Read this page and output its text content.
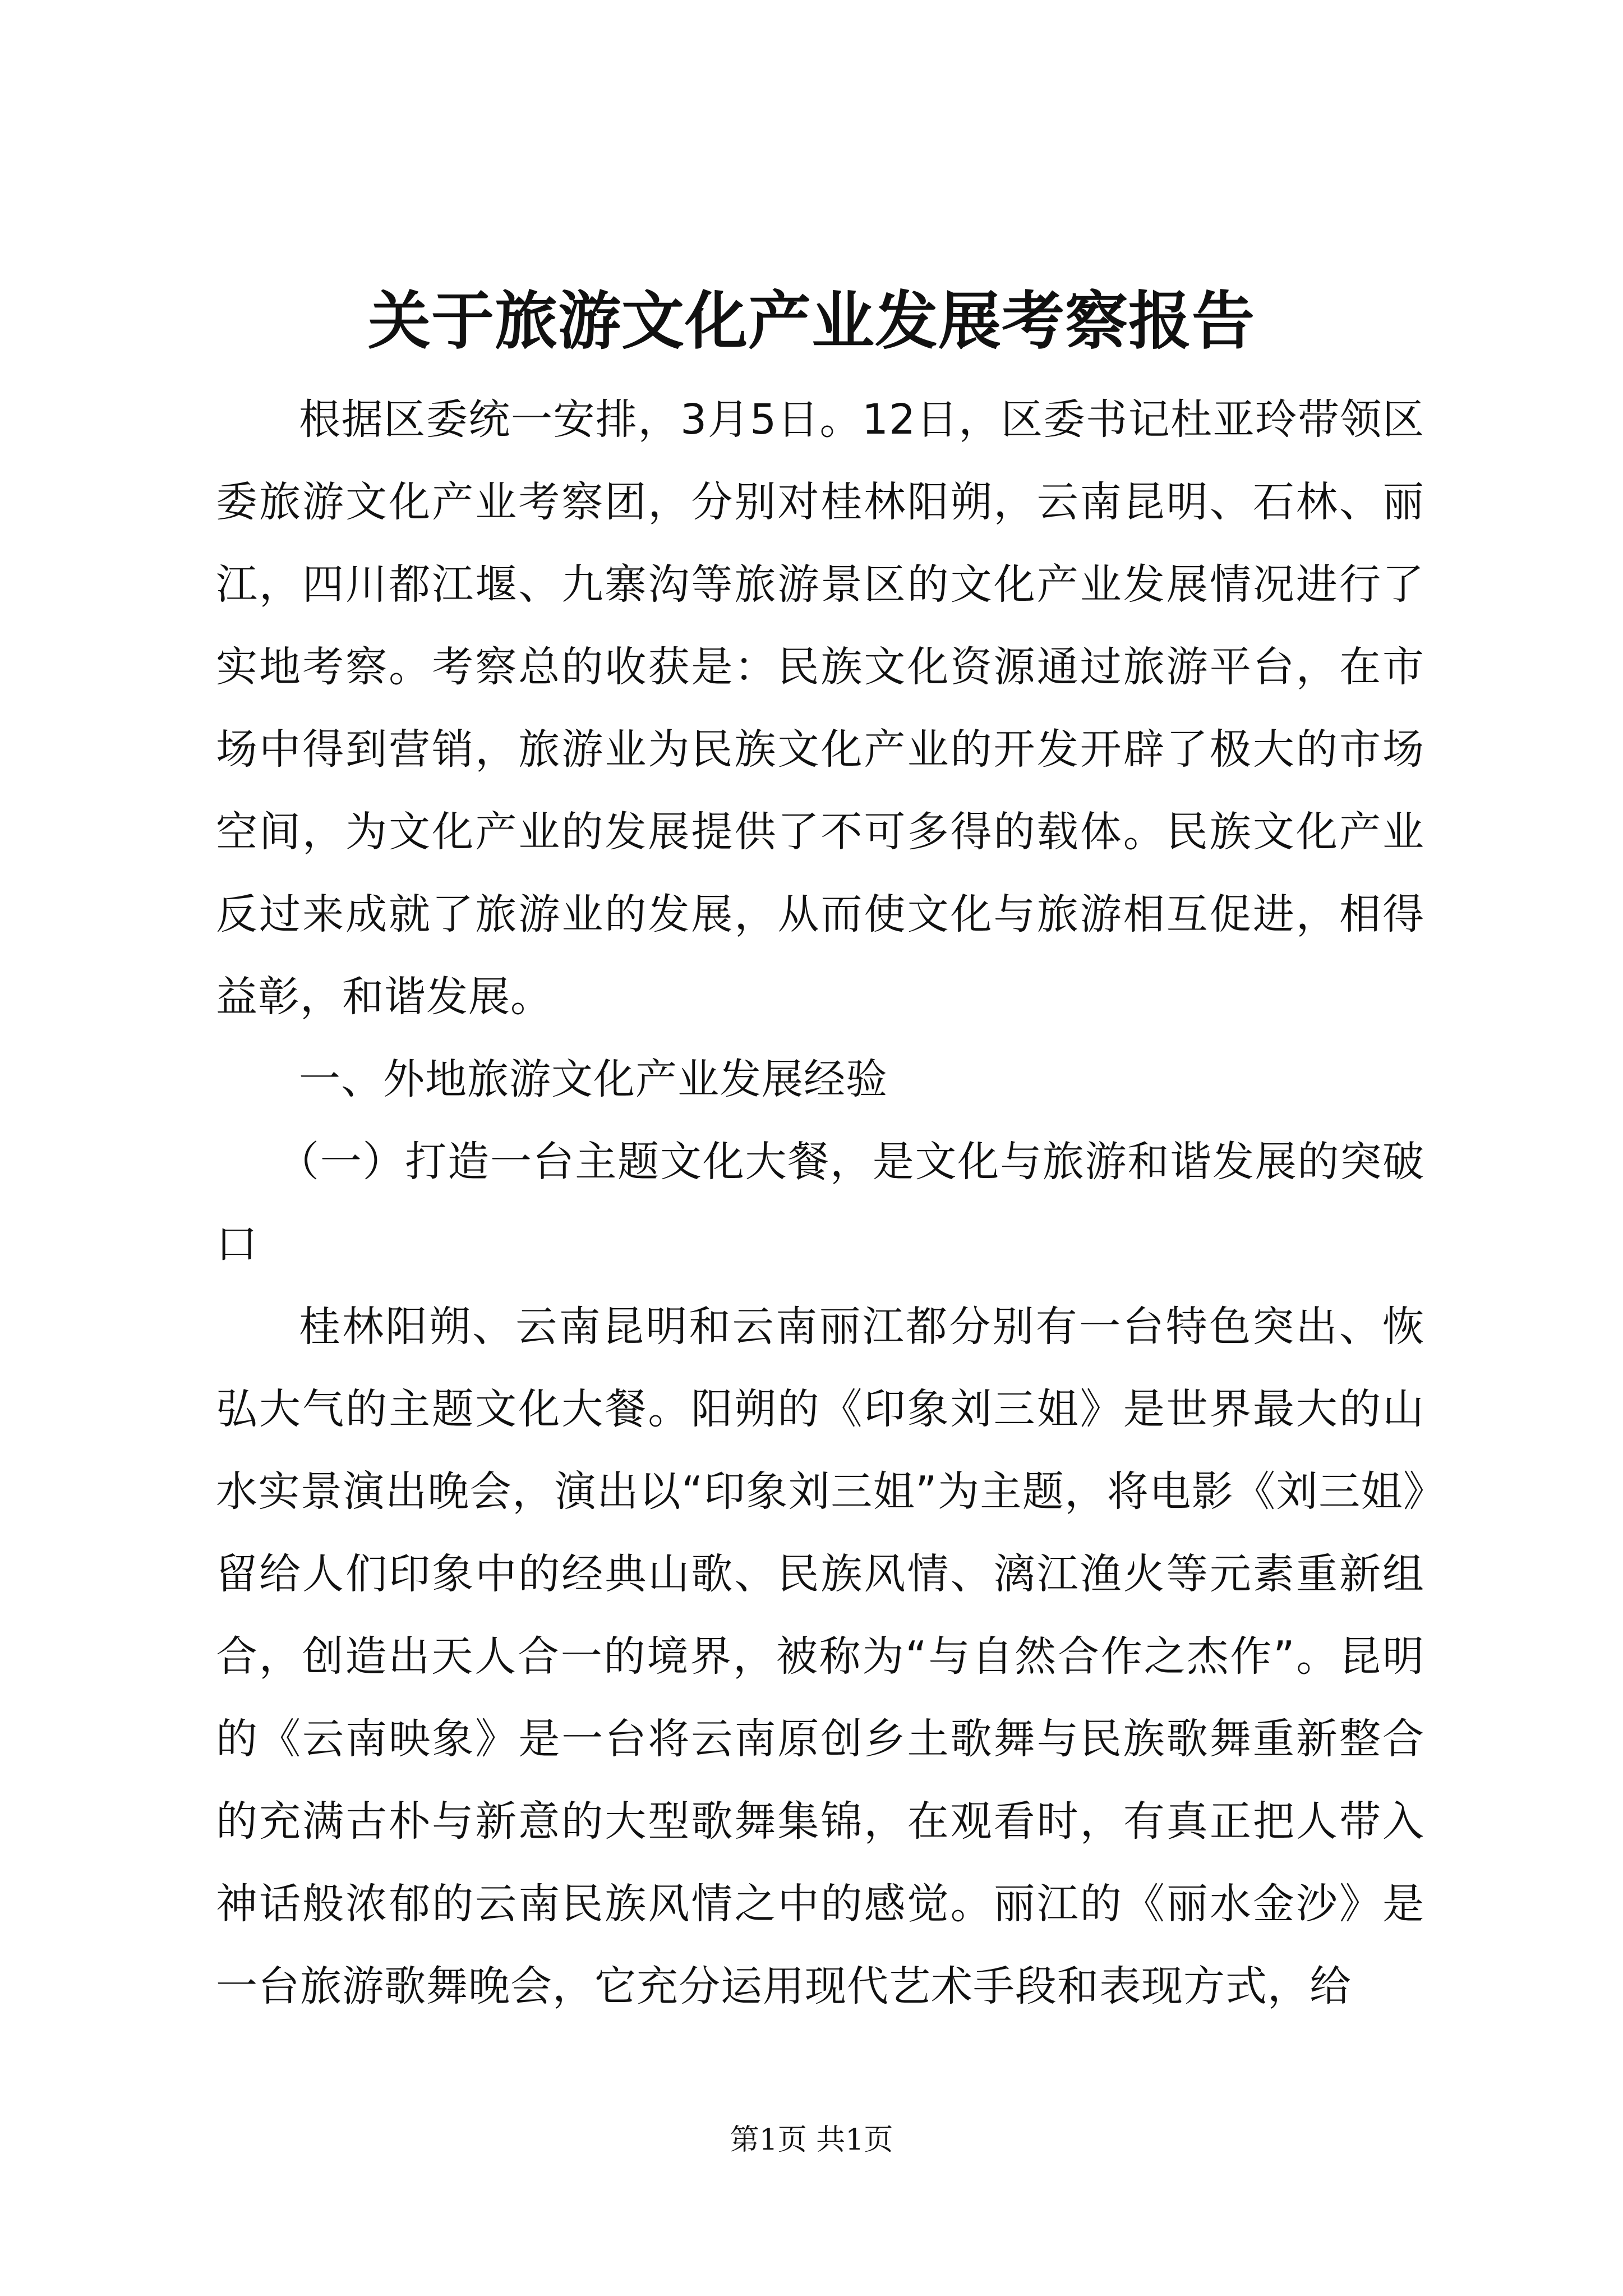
关于旅游文化产业发展考察报告

根据区委统一安排，3月5日。12日，区委书记杜亚玲带领区委旅游文化产业考察团，分别对桂林阳朔，云南昆明、石林、丽江，四川都江堰、九寨沟等旅游景区的文化产业发展情况进行了实地考察。考察总的收获是：民族文化资源通过旅游平台，在市场中得到营销，旅游业为民族文化产业的开发开辟了极大的市场空间，为文化产业的发展提供了不可多得的载体。民族文化产业反过来成就了旅游业的发展，从而使文化与旅游相互促进，相得益彰，和谐发展。

一、外地旅游文化产业发展经验

（一）打造一台主题文化大餐，是文化与旅游和谐发展的突破口

桂林阳朔、云南昆明和云南丽江都分别有一台特色突出、恢弘大气的主题文化大餐。阳朔的《印象刘三姐》是世界最大的山水实景演出晚会，演出以“印象刘三姐”为主题，将电影《刘三姐》留给人们印象中的经典山歌、民族风情、漓江渔火等元素重新组合，创造出天人合一的境界，被称为“与自然合作之杰作”。昆明的《云南映象》是一台将云南原创乡土歌舞与民族歌舞重新整合的充满古朴与新意的大型歌舞集锦，在观看时，有真正把人带入神话般浓郁的云南民族风情之中的感觉。丽江的《丽水金沙》是一台旅游歌舞晚会，它充分运用现代艺术手段和表现方式，给

第1页 共1页
